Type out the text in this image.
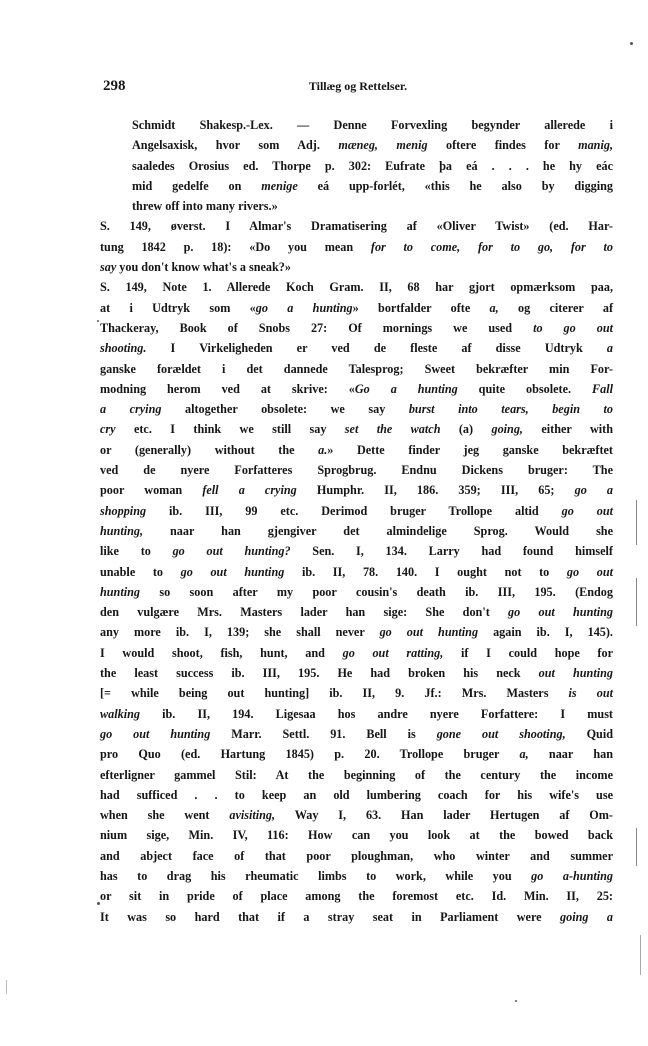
298	Tillæg og Rettelser.

Schmidt Shakesp.-Lex. — Denne Forvexling begynder allerede i
Angelsaxisk, hvor som Adj. mæneg, menig oftere findes for manig,
saaledes Orosius ed. Thorpe p. 302: Eufrate þa eá . . . he hy eác
mid gedelfe on menige eá upp-forlét, «this he also by digging
threw off into many rivers.»

S. 149, øverst. I Almar's Dramatisering af «Oliver Twist» (ed. Har-
tung 1842 p. 18): «Do you mean for to come, for to go, for to
say you don't know what's a sneak?»

S. 149, Note 1. Allerede Koch Gram. II, 68 har gjort opmærksom paa,
at i Udtryk som «go a hunting» bortfalder ofte a, og citerer af
Thackeray, Book of Snobs 27: Of mornings we used to go out
shooting. I Virkeligheden er ved de fleste af disse Udtryk a
ganske forældet i det dannede Talesprog; Sweet bekræfter min For-
modning herom ved at skrive: «Go a hunting quite obsolete. Fall
a crying altogether obsolete: we say burst into tears, begin to
cry etc. I think we still say set the watch (a) going, either with
or (generally) without the a.» Dette finder jeg ganske bekræftet
ved de nyere Forfatteres Sprogbrug. Endnu Dickens bruger: The
poor woman fell a crying Humphr. II, 186. 359; III, 65; go a
shopping ib. III, 99 etc. Derimod bruger Trollope altid go out
hunting, naar han gjengiver det almindelige Sprog. Would she
like to go out hunting? Sen. I, 134. Larry had found himself
unable to go out hunting ib. II, 78. 140. I ought not to go out
hunting so soon after my poor cousin's death ib. III, 195. (Endog
den vulgære Mrs. Masters lader han sige: She don't go out hunting
any more ib. I, 139; she shall never go out hunting again ib. I, 145).
I would shoot, fish, hunt, and go out ratting, if I could hope for
the least success ib. III, 195. He had broken his neck out hunting
[= while being out hunting] ib. II, 9. Jf.: Mrs. Masters is out
walking ib. II, 194. Ligesaa hos andre nyere Forfattere: I must
go out hunting Marr. Settl. 91. Bell is gone out shooting, Quid
pro Quo (ed. Hartung 1845) p. 20. Trollope bruger a, naar han
efterligner gammel Stil: At the beginning of the century the income
had sufficed . . to keep an old lumbering coach for his wife's use
when she went avisiting, Way I, 63. Han lader Hertugen af Om-
nium sige, Min. IV, 116: How can you look at the bowed back
and abject face of that poor ploughman, who winter and summer
has to drag his rheumatic limbs to work, while you go a-hunting
or sit in pride of place among the foremost etc. Id. Min. II, 25:
It was so hard that if a stray seat in Parliament were going a
